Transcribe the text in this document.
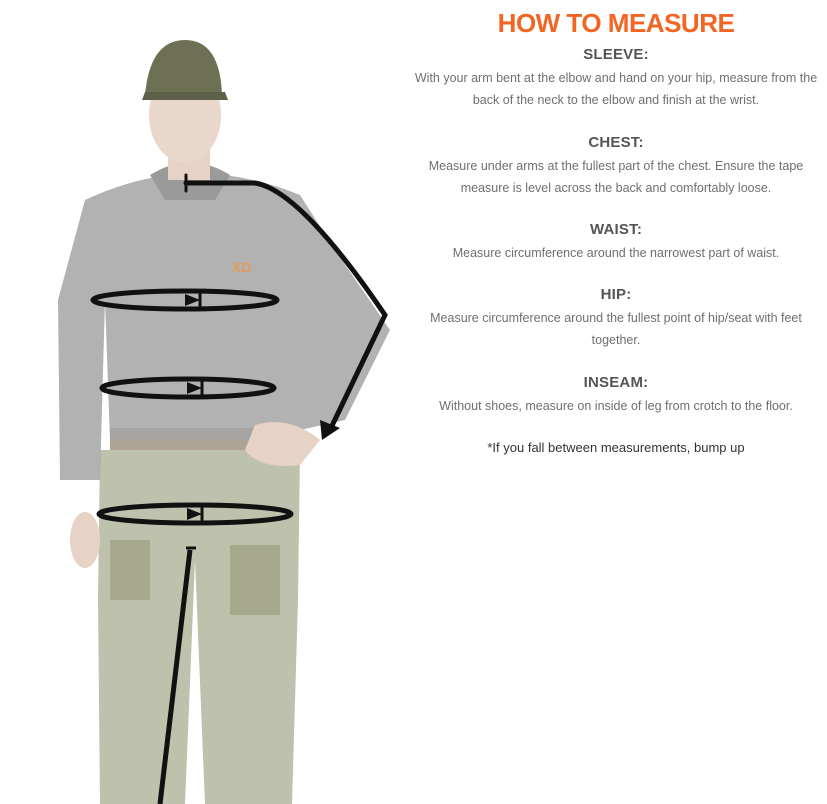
XD
HOW TO MEASURE
SLEEVE:

With your arm bent at the elbow and hand on your hip, measure from the back of the neck to the elbow and finish at the wrist.

CHEST:

Measure under arms at the fullest part of the chest. Ensure the tape measure is level across the back and comfortably loose.

WAIST:

Measure circumference around the narrowest part of waist.

HIP:

Measure circumference around the fullest point of hip/seat with feet together.

INSEAM:

Without shoes, measure on inside of leg from crotch to the floor.

*If you fall between measurements, bump up
